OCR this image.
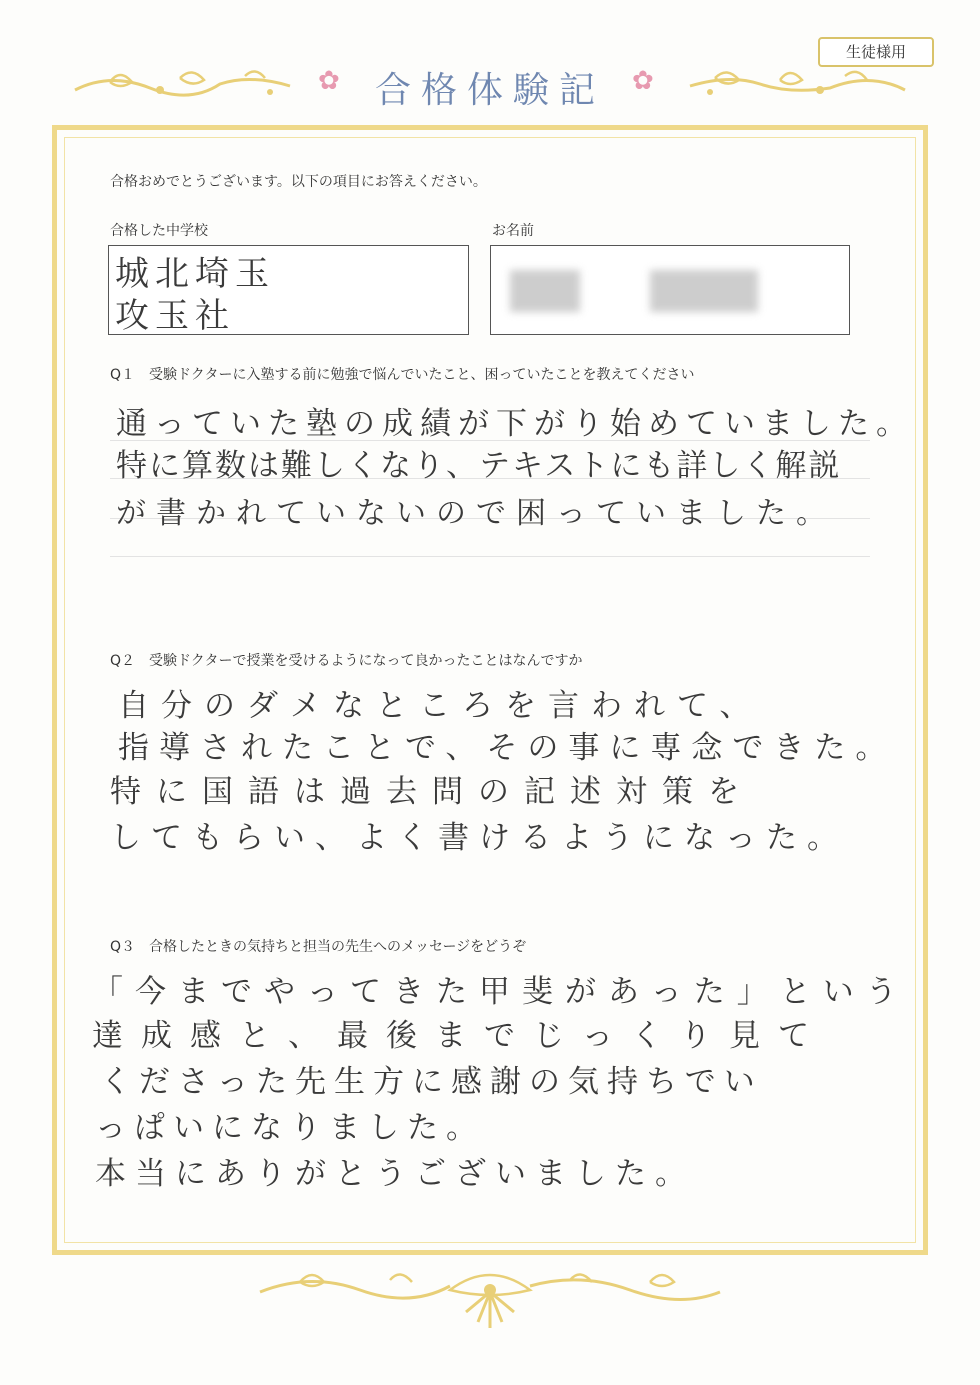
生徒様用
✿	✿
合格体験記
合格おめでとうございます。以下の項目にお答えください。
合格した中学校	お名前
城北埼玉
攻玉社
Q１　受験ドクターに入塾する前に勉強で悩んでいたこと、困っていたことを教えてください
通っていた塾の成績が下がり始めていました。
特に算数は難しくなり、テキストにも詳しく解説
が書かれていないので困っていました。
Q２　受験ドクターで授業を受けるようになって良かったことはなんですか
自分のダメなところを言われて、
指導されたことで、その事に専念できた。
特に国語は過去問の記述対策を
してもらい、よく書けるようになった。
Q３　合格したときの気持ちと担当の先生へのメッセージをどうぞ
「今までやってきた甲斐があった」という
達成感と、最後までじっくり見て
くださった先生方に感謝の気持ちでい
っぱいになりました。
本当にありがとうございました。
